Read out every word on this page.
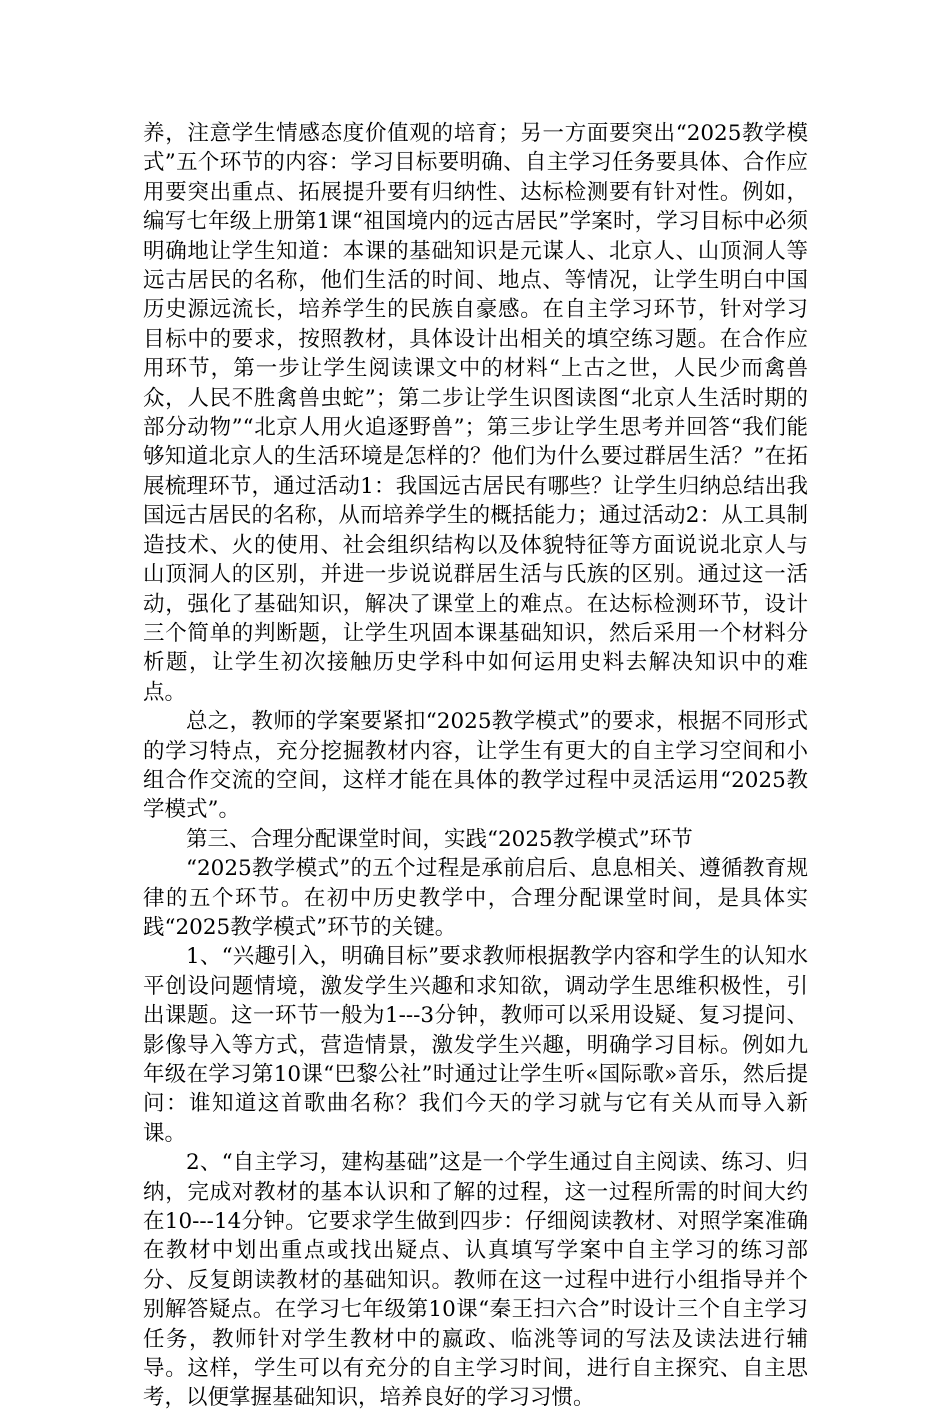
养，注意学生情感态度价值观的培育；另一方面要突出“2025教学模式”五个环节的内容：学习目标要明确、自主学习任务要具体、合作应用要突出重点、拓展提升要有归纳性、达标检测要有针对性。例如，编写七年级上册第1课“祖国境内的远古居民”学案时，学习目标中必须明确地让学生知道：本课的基础知识是元谋人、北京人、山顶洞人等远古居民的名称，他们生活的时间、地点、等情况，让学生明白中国历史源远流长，培养学生的民族自豪感。在自主学习环节，针对学习目标中的要求，按照教材，具体设计出相关的填空练习题。在合作应用环节，第一步让学生阅读课文中的材料“上古之世，人民少而禽兽众，人民不胜禽兽虫蛇”；第二步让学生识图读图“北京人生活时期的部分动物”“北京人用火追逐野兽”；第三步让学生思考并回答“我们能够知道北京人的生活环境是怎样的？他们为什么要过群居生活？”在拓展梳理环节，通过活动1：我国远古居民有哪些？让学生归纳总结出我国远古居民的名称，从而培养学生的概括能力；通过活动2：从工具制造技术、火的使用、社会组织结构以及体貌特征等方面说说北京人与山顶洞人的区别，并进一步说说群居生活与氏族的区别。通过这一活动，强化了基础知识，解决了课堂上的难点。在达标检测环节，设计三个简单的判断题，让学生巩固本课基础知识，然后采用一个材料分析题，让学生初次接触历史学科中如何运用史料去解决知识中的难点。

总之，教师的学案要紧扣“2025教学模式”的要求，根据不同形式的学习特点，充分挖掘教材内容，让学生有更大的自主学习空间和小组合作交流的空间，这样才能在具体的教学过程中灵活运用“2025教学模式”。

第三、合理分配课堂时间，实践“2025教学模式”环节

“2025教学模式”的五个过程是承前启后、息息相关、遵循教育规律的五个环节。在初中历史教学中，合理分配课堂时间，是具体实践“2025教学模式”环节的关键。

1、“兴趣引入，明确目标”要求教师根据教学内容和学生的认知水平创设问题情境，激发学生兴趣和求知欲，调动学生思维积极性，引出课题。这一环节一般为1---3分钟，教师可以采用设疑、复习提问、影像导入等方式，营造情景，激发学生兴趣，明确学习目标。例如九年级在学习第10课“巴黎公社”时通过让学生听«国际歌»音乐，然后提问：谁知道这首歌曲名称？我们今天的学习就与它有关从而导入新课。

2、“自主学习，建构基础”这是一个学生通过自主阅读、练习、归纳，完成对教材的基本认识和了解的过程，这一过程所需的时间大约在10---14分钟。它要求学生做到四步：仔细阅读教材、对照学案准确在教材中划出重点或找出疑点、认真填写学案中自主学习的练习部分、反复朗读教材的基础知识。教师在这一过程中进行小组指导并个别解答疑点。在学习七年级第10课“秦王扫六合”时设计三个自主学习任务，教师针对学生教材中的嬴政、临洮等词的写法及读法进行辅导。这样，学生可以有充分的自主学习时间，进行自主探究、自主思考，以便掌握基础知识，培养良好的学习习惯。
